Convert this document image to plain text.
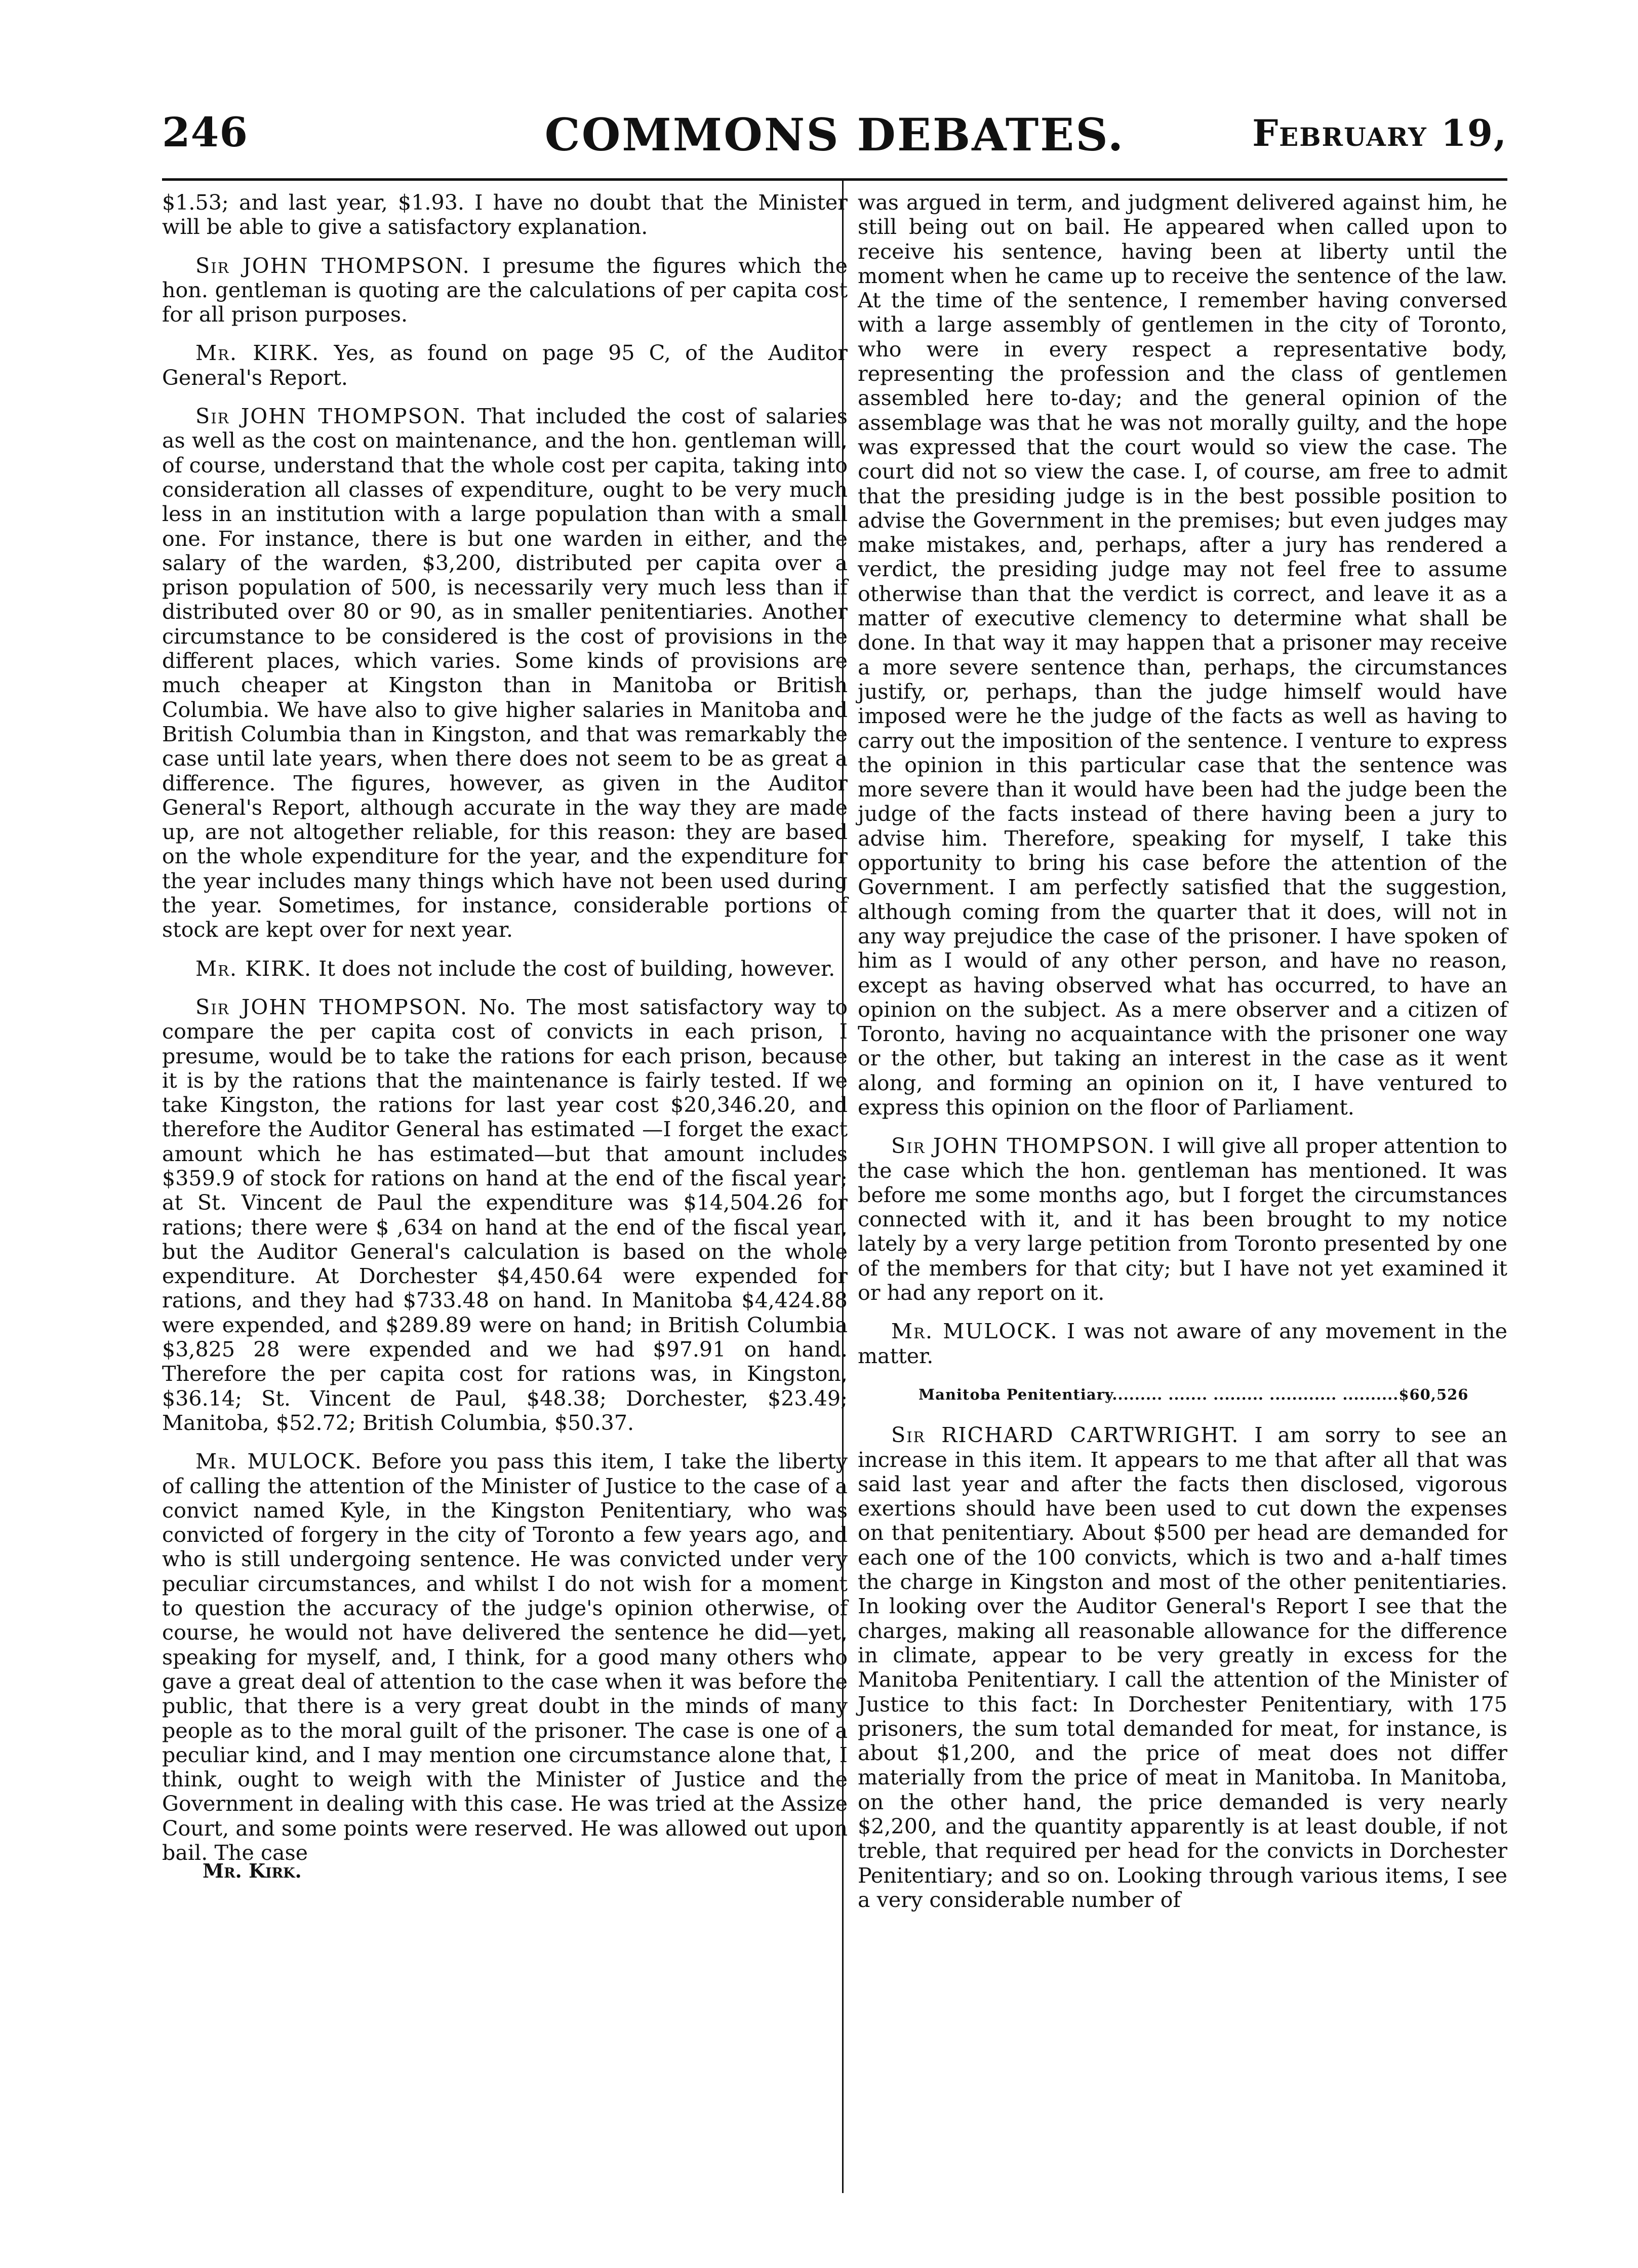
246	COMMONS DEBATES.	February 19,

$1.53; and last year, $1.93. I have no doubt that the Minister will be able to give a satisfactory explanation.

Sir JOHN THOMPSON. I presume the figures which the hon. gentleman is quoting are the calculations of per capita cost for all prison purposes.

Mr. KIRK. Yes, as found on page 95 C, of the Auditor General's Report.

Sir JOHN THOMPSON. That included the cost of salaries as well as the cost on maintenance, and the hon. gentleman will, of course, understand that the whole cost per capita, taking into consideration all classes of expenditure, ought to be very much less in an institution with a large population than with a small one. For instance, there is but one warden in either, and the salary of the warden, $3,200, distributed per capita over a prison population of 500, is necessarily very much less than if distributed over 80 or 90, as in smaller penitentiaries. Another circumstance to be considered is the cost of provisions in the different places, which varies. Some kinds of provisions are much cheaper at Kingston than in Manitoba or British Columbia. We have also to give higher salaries in Manitoba and British Columbia than in Kingston, and that was remarkably the case until late years, when there does not seem to be as great a difference. The figures, however, as given in the Auditor General's Report, although accurate in the way they are made up, are not altogether reliable, for this reason: they are based on the whole expenditure for the year, and the expenditure for the year includes many things which have not been used during the year. Sometimes, for instance, considerable portions of stock are kept over for next year.

Mr. KIRK. It does not include the cost of building, however.

Sir JOHN THOMPSON. No. The most satisfactory way to compare the per capita cost of convicts in each prison, I presume, would be to take the rations for each prison, because it is by the rations that the maintenance is fairly tested. If we take Kingston, the rations for last year cost $20,346.20, and therefore the Auditor General has estimated —I forget the exact amount which he has estimated—but that amount includes $359.9 of stock for rations on hand at the end of the fiscal year; at St. Vincent de Paul the expenditure was $14,504.26 for rations; there were $ ,634 on hand at the end of the fiscal year, but the Auditor General's calculation is based on the whole expenditure. At Dorchester $4,450.64 were expended for rations, and they had $733.48 on hand. In Manitoba $4,424.88 were expended, and $289.89 were on hand; in British Columbia $3,825 28 were expended and we had $97.91 on hand. Therefore the per capita cost for rations was, in Kingston, $36.14; St. Vincent de Paul, $48.38; Dorchester, $23.49; Manitoba, $52.72; British Columbia, $50.37.

Mr. MULOCK. Before you pass this item, I take the liberty of calling the attention of the Minister of Justice to the case of a convict named Kyle, in the Kingston Penitentiary, who was convicted of forgery in the city of Toronto a few years ago, and who is still undergoing sentence. He was convicted under very peculiar circumstances, and whilst I do not wish for a moment to question the accuracy of the judge's opinion otherwise, of course, he would not have delivered the sentence he did—yet, speaking for myself, and, I think, for a good many others who gave a great deal of attention to the case when it was before the public, that there is a very great doubt in the minds of many people as to the moral guilt of the prisoner. The case is one of a peculiar kind, and I may mention one circumstance alone that, I think, ought to weigh with the Minister of Justice and the Government in dealing with this case. He was tried at the Assize Court, and some points were reserved. He was allowed out upon bail. The case

Mr. Kirk.

was argued in term, and judgment delivered against him, he still being out on bail. He appeared when called upon to receive his sentence, having been at liberty until the moment when he came up to receive the sentence of the law. At the time of the sentence, I remember having conversed with a large assembly of gentlemen in the city of Toronto, who were in every respect a representative body, representing the profession and the class of gentlemen assembled here to-day; and the general opinion of the assemblage was that he was not morally guilty, and the hope was expressed that the court would so view the case. The court did not so view the case. I, of course, am free to admit that the presiding judge is in the best possible position to advise the Government in the premises; but even judges may make mistakes, and, perhaps, after a jury has rendered a verdict, the presiding judge may not feel free to assume otherwise than that the verdict is correct, and leave it as a matter of executive clemency to determine what shall be done. In that way it may happen that a prisoner may receive a more severe sentence than, perhaps, the circumstances justify, or, perhaps, than the judge himself would have imposed were he the judge of the facts as well as having to carry out the imposition of the sentence. I venture to express the opinion in this particular case that the sentence was more severe than it would have been had the judge been the judge of the facts instead of there having been a jury to advise him. Therefore, speaking for myself, I take this opportunity to bring his case before the attention of the Government. I am perfectly satisfied that the suggestion, although coming from the quarter that it does, will not in any way prejudice the case of the prisoner. I have spoken of him as I would of any other person, and have no reason, except as having observed what has occurred, to have an opinion on the subject. As a mere observer and a citizen of Toronto, having no acquaintance with the prisoner one way or the other, but taking an interest in the case as it went along, and forming an opinion on it, I have ventured to express this opinion on the floor of Parliament.

Sir JOHN THOMPSON. I will give all proper attention to the case which the hon. gentleman has mentioned. It was before me some months ago, but I forget the circumstances connected with it, and it has been brought to my notice lately by a very large petition from Toronto presented by one of the members for that city; but I have not yet examined it or had any report on it.

Mr. MULOCK. I was not aware of any movement in the matter.

Manitoba Penitentiary......... ....... ......... ............ ..........$60,526

Sir RICHARD CARTWRIGHT. I am sorry to see an increase in this item. It appears to me that after all that was said last year and after the facts then disclosed, vigorous exertions should have been used to cut down the expenses on that penitentiary. About $500 per head are demanded for each one of the 100 convicts, which is two and a-half times the charge in Kingston and most of the other penitentiaries. In looking over the Auditor General's Report I see that the charges, making all reasonable allowance for the difference in climate, appear to be very greatly in excess for the Manitoba Penitentiary. I call the attention of the Minister of Justice to this fact: In Dorchester Penitentiary, with 175 prisoners, the sum total demanded for meat, for instance, is about $1,200, and the price of meat does not differ materially from the price of meat in Manitoba. In Manitoba, on the other hand, the price demanded is very nearly $2,200, and the quantity apparently is at least double, if not treble, that required per head for the convicts in Dorchester Penitentiary; and so on. Looking through various items, I see a very considerable number of
